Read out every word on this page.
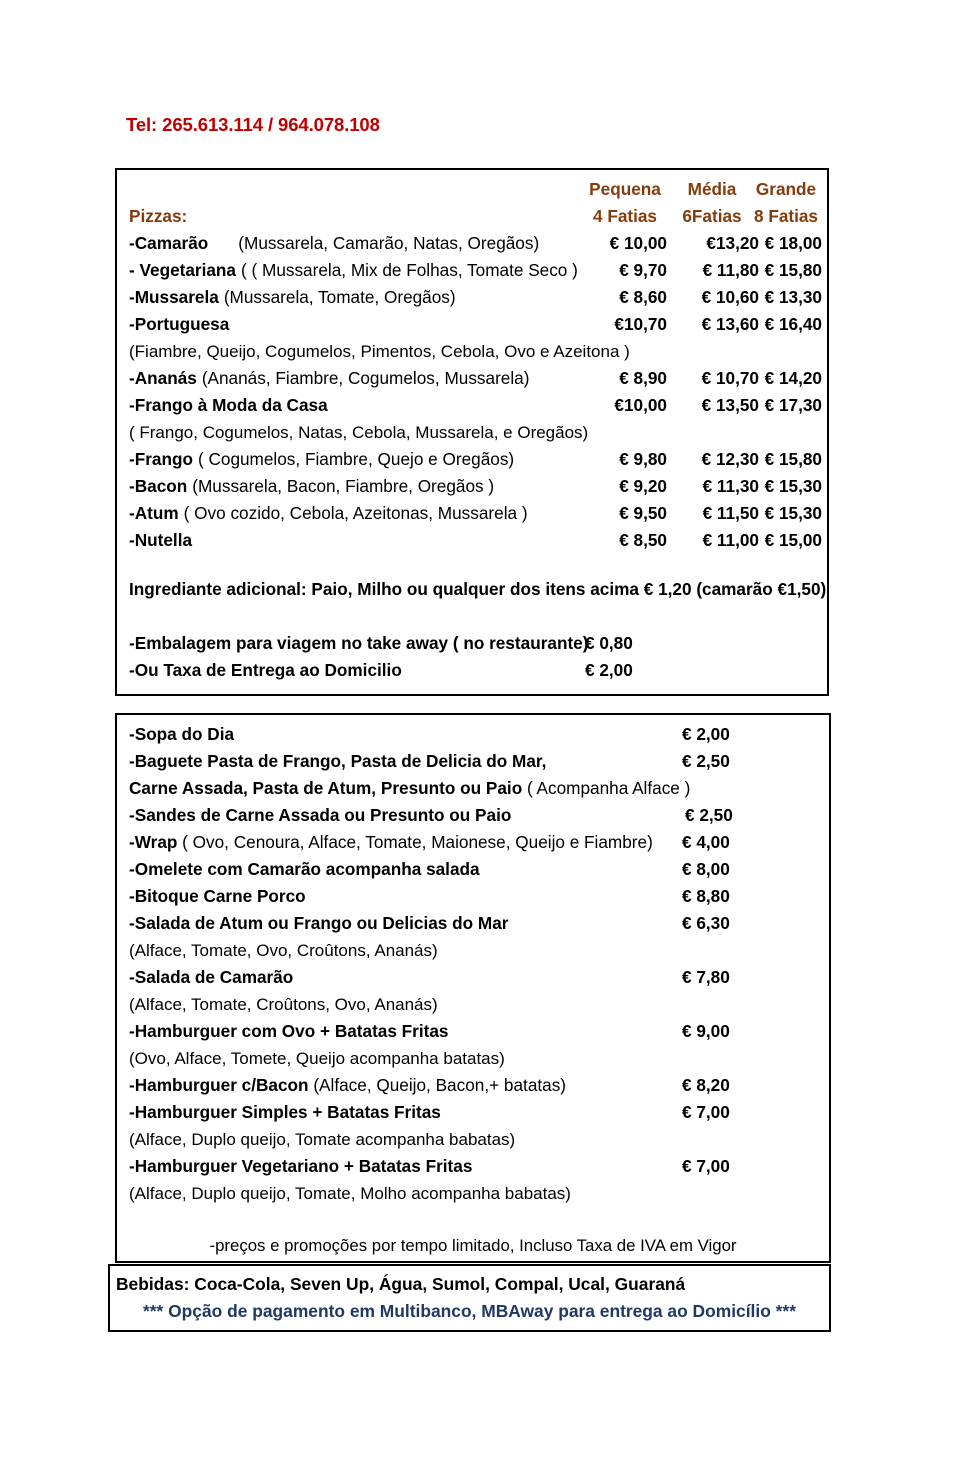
Tel: 265.613.114 / 964.078.108
Pequena	Média	Grande
Pizzas:	4 Fatias	6Fatias 8 Fatias
-Camarão (Mussarela, Camarão, Natas, Oregãos)	€ 10,00	€13,20 € 18,00
- Vegetariana ( ( Mussarela, Mix de Folhas, Tomate Seco )	€ 9,70	€ 11,80 € 15,80
-Mussarela (Mussarela, Tomate, Oregãos)	€ 8,60	€ 10,60 € 13,30
-Portuguesa	€10,70	€ 13,60 € 16,40
(Fiambre, Queijo, Cogumelos, Pimentos, Cebola, Ovo e Azeitona )
-Ananás (Ananás, Fiambre, Cogumelos, Mussarela)	€ 8,90	€ 10,70 € 14,20
-Frango à Moda da Casa	€10,00	€ 13,50 € 17,30
( Frango, Cogumelos, Natas, Cebola, Mussarela, e Oregãos)
-Frango ( Cogumelos, Fiambre, Quejo e Oregãos)	€ 9,80	€ 12,30 € 15,80
-Bacon (Mussarela, Bacon, Fiambre, Oregãos )	€ 9,20	€ 11,30 € 15,30
-Atum ( Ovo cozido, Cebola, Azeitonas, Mussarela )	€ 9,50	€ 11,50 € 15,30
-Nutella	€ 8,50	€ 11,00 € 15,00
Ingrediante adicional: Paio, Milho ou qualquer dos itens acima € 1,20 (camarão €1,50)
-Embalagem para viagem no take away ( no restaurante)
€ 0,80
-Ou Taxa de Entrega ao Domicilio	€ 2,00
-Sopa do Dia	€ 2,00
-Baguete Pasta de Frango, Pasta de Delicia do Mar,	€ 2,50
Carne Assada, Pasta de Atum, Presunto ou Paio ( Acompanha Alface )
-Sandes de Carne Assada ou Presunto ou Paio	€ 2,50
-Wrap ( Ovo, Cenoura, Alface, Tomate, Maionese, Queijo e Fiambre) € 4,00
-Omelete com Camarão acompanha salada	€ 8,00
-Bitoque Carne Porco	€ 8,80
-Salada de Atum ou Frango ou Delicias do Mar	€ 6,30
(Alface, Tomate, Ovo, Croûtons, Ananás)
-Salada de Camarão	€ 7,80
(Alface, Tomate, Croûtons, Ovo, Ananás)
-Hamburguer com Ovo + Batatas Fritas	€ 9,00
(Ovo, Alface, Tomete, Queijo acompanha batatas)
-Hamburguer c/Bacon (Alface, Queijo, Bacon,+ batatas)	€ 8,20
-Hamburguer Simples + Batatas Fritas	€ 7,00
(Alface, Duplo queijo, Tomate acompanha babatas)
-Hamburguer Vegetariano + Batatas Fritas	€ 7,00
(Alface, Duplo queijo, Tomate, Molho acompanha babatas)
-preços e promoções por tempo limitado, Incluso Taxa de IVA em Vigor
Bebidas: Coca-Cola, Seven Up, Água, Sumol, Compal, Ucal, Guaraná
*** Opção de pagamento em Multibanco, MBAway para entrega ao Domicílio ***
